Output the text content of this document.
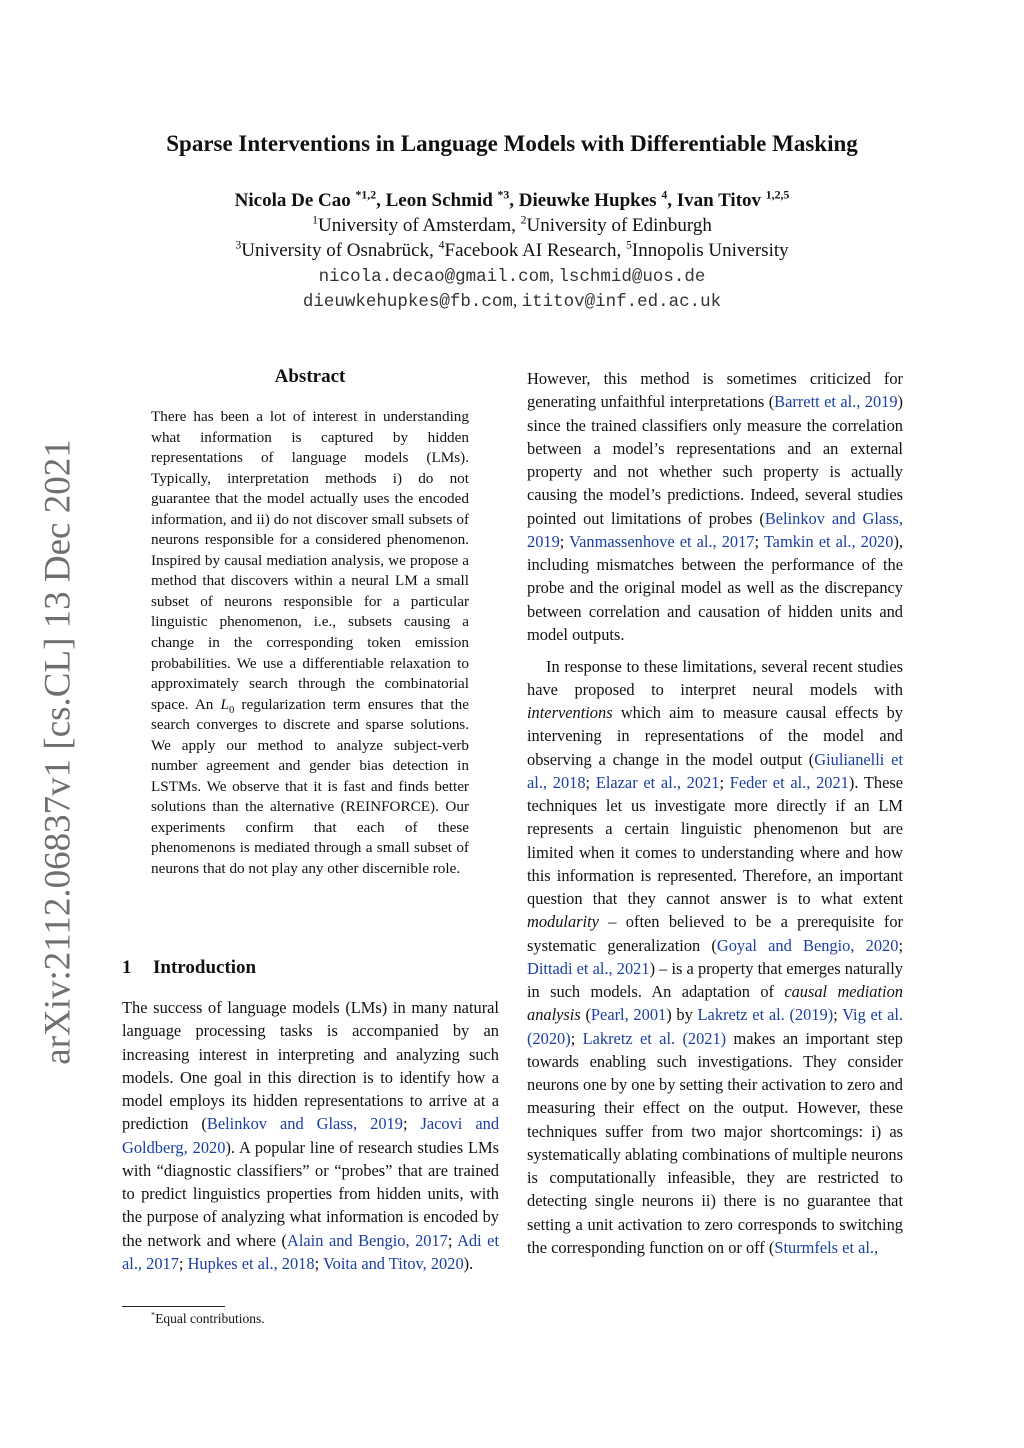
arXiv:2112.06837v1 [cs.CL] 13 Dec 2021
Sparse Interventions in Language Models with Differentiable Masking
Nicola De Cao $^{*1,2}$, Leon Schmid $^{*3}$, Dieuwke Hupkes $^4$, Ivan Titov $^{1,2,5}$
$^1$University of Amsterdam, $^2$University of Edinburgh
$^3$University of Osnabrück, $^4$Facebook AI Research, $^5$Innopolis University
nicola.decao@gmail.com, lschmid@uos.de
dieuwkehupkes@fb.com, ititov@inf.ed.ac.uk
Abstract
There has been a lot of interest in understanding what information is captured by hidden representations of language models (LMs). Typically, interpretation methods i) do not guarantee that the model actually uses the encoded information, and ii) do not discover small subsets of neurons responsible for a considered phenomenon. Inspired by causal mediation analysis, we propose a method that discovers within a neural LM a small subset of neurons responsible for a particular linguistic phenomenon, i.e., subsets causing a change in the corresponding token emission probabilities. We use a differentiable relaxation to approximately search through the combinatorial space. An $L_0$ regularization term ensures that the search converges to discrete and sparse solutions. We apply our method to analyze subject-verb number agreement and gender bias detection in LSTMs. We observe that it is fast and finds better solutions than the alternative (REINFORCE). Our experiments confirm that each of these phenomenons is mediated through a small subset of neurons that do not play any other discernible role.
1 Introduction
The success of language models (LMs) in many natural language processing tasks is accompanied by an increasing interest in interpreting and analyzing such models. One goal in this direction is to identify how a model employs its hidden representations to arrive at a prediction (Belinkov and Glass, 2019; Jacovi and Goldberg, 2020). A popular line of research studies LMs with “diagnostic classifiers” or “probes” that are trained to predict linguistics properties from hidden units, with the purpose of analyzing what information is encoded by the network and where (Alain and Bengio, 2017; Adi et al., 2017; Hupkes et al., 2018; Voita and Titov, 2020).
*Equal contributions.

However, this method is sometimes criticized for generating unfaithful interpretations (Barrett et al., 2019) since the trained classifiers only measure the correlation between a model’s representations and an external property and not whether such property is actually causing the model’s predictions. Indeed, several studies pointed out limitations of probes (Belinkov and Glass, 2019; Vanmassenhove et al., 2017; Tamkin et al., 2020), including mismatches between the performance of the probe and the original model as well as the discrepancy between correlation and causation of hidden units and model outputs.

In response to these limitations, several recent studies have proposed to interpret neural models with interventions which aim to measure causal effects by intervening in representations of the model and observing a change in the model output (Giulianelli et al., 2018; Elazar et al., 2021; Feder et al., 2021). These techniques let us investigate more directly if an LM represents a certain linguistic phenomenon but are limited when it comes to understanding where and how this information is represented. Therefore, an important question that they cannot answer is to what extent modularity – often believed to be a prerequisite for systematic generalization (Goyal and Bengio, 2020; Dittadi et al., 2021) – is a property that emerges naturally in such models. An adaptation of causal mediation analysis (Pearl, 2001) by Lakretz et al. (2019); Vig et al. (2020); Lakretz et al. (2021) makes an important step towards enabling such investigations. They consider neurons one by one by setting their activation to zero and measuring their effect on the output. However, these techniques suffer from two major shortcomings: i) as systematically ablating combinations of multiple neurons is computationally infeasible, they are restricted to detecting single neurons ii) there is no guarantee that setting a unit activation to zero corresponds to switching the corresponding function on or off (Sturmfels et al.,
